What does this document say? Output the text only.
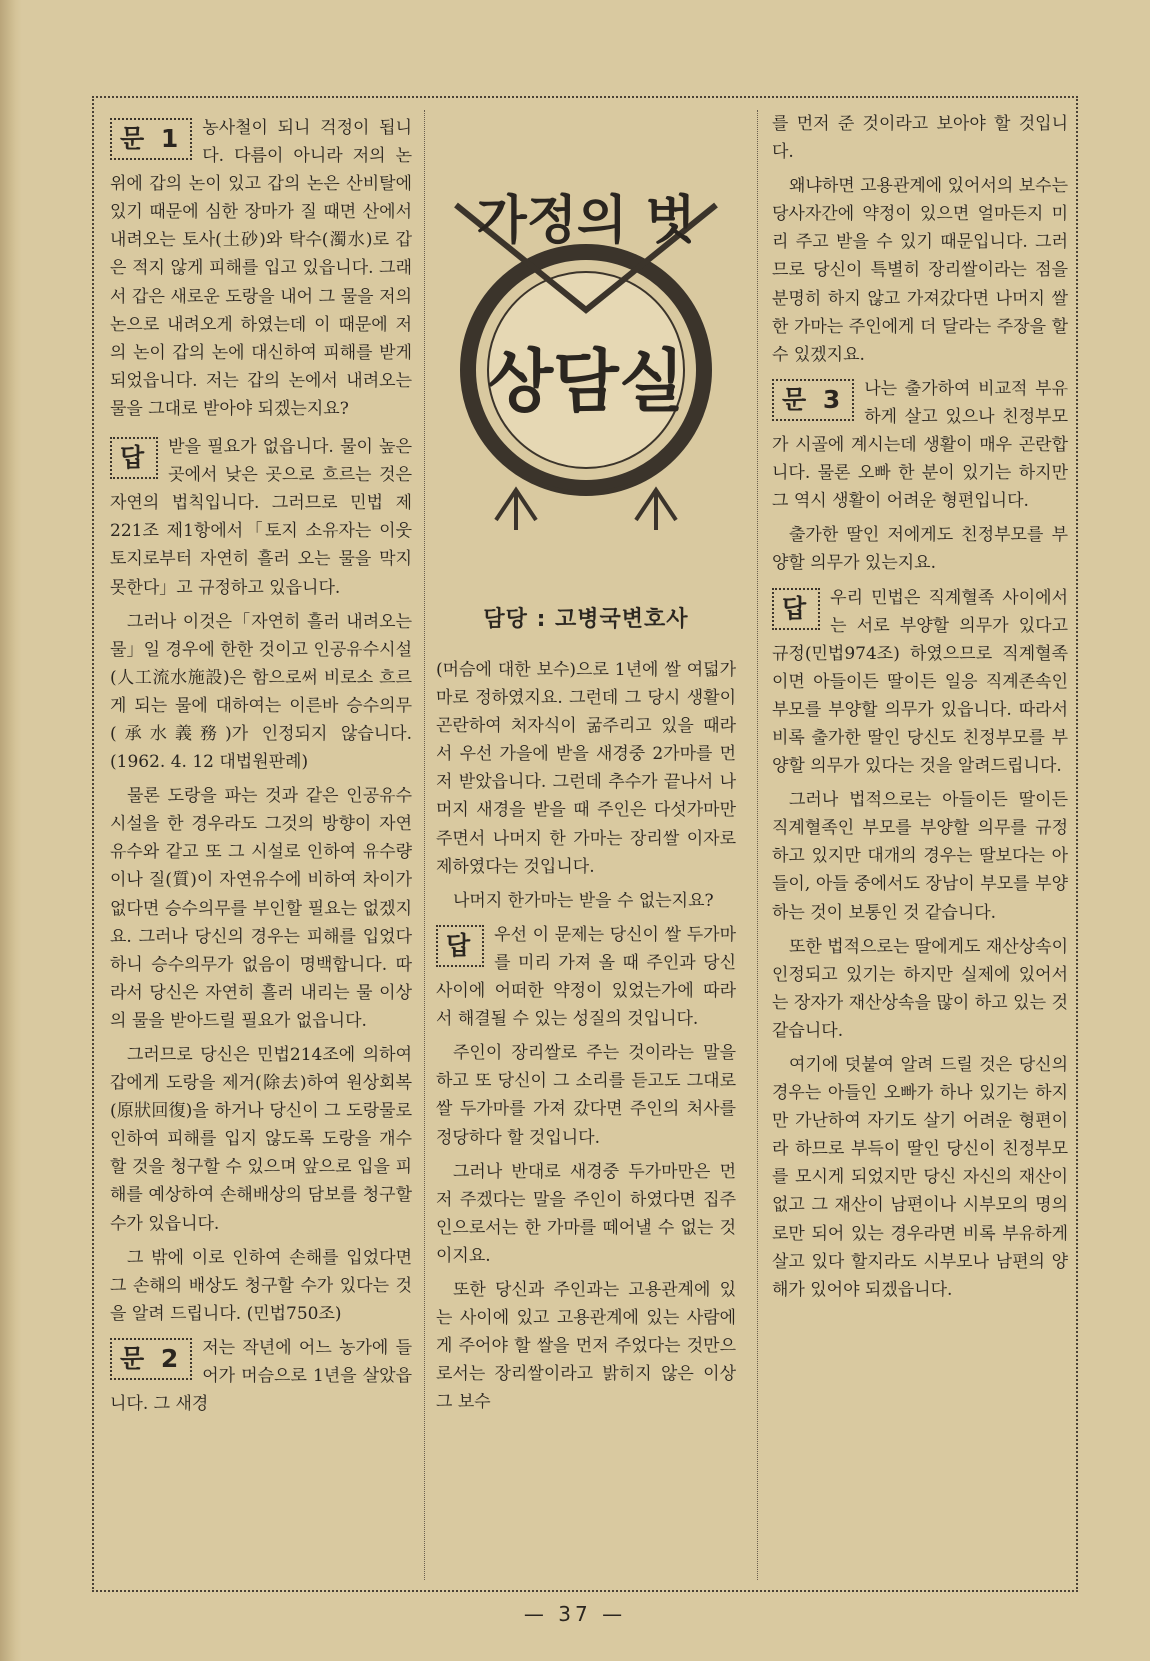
문 1	농사철이 되니 걱정이 됩니다. 다름이 아니라 저의 논 위에 갑의 논이 있고 갑의 논은 산비탈에 있기 때문에 심한 장마가 질 때면 산에서 내려오는 토사(土砂)와 탁수(濁水)로 갑은 적지 않게 피해를 입고 있읍니다. 그래서 갑은 새로운 도랑을 내어 그 물을 저의 논으로 내려오게 하였는데 이 때문에 저의 논이 갑의 논에 대신하여 피해를 받게 되었읍니다. 저는 갑의 논에서 내려오는 물을 그대로 받아야 되겠는지요?

답	받을 필요가 없읍니다. 물이 높은 곳에서 낮은 곳으로 흐르는 것은 자연의 법칙입니다. 그러므로 민법 제221조 제1항에서「토지 소유자는 이웃 토지로부터 자연히 흘러 오는 물을 막지 못한다」고 규정하고 있읍니다.

그러나 이것은「자연히 흘러 내려오는 물」일 경우에 한한 것이고 인공유수시설(人工流水施設)은 함으로써 비로소 흐르게 되는 물에 대하여는 이른바 승수의무(承水義務)가 인정되지 않습니다. (1962. 4. 12 대법원판례)

물론 도랑을 파는 것과 같은 인공유수시설을 한 경우라도 그것의 방향이 자연유수와 같고 또 그 시설로 인하여 유수량이나 질(質)이 자연유수에 비하여 차이가 없다면 승수의무를 부인할 필요는 없겠지요. 그러나 당신의 경우는 피해를 입었다 하니 승수의무가 없음이 명백합니다. 따라서 당신은 자연히 흘러 내리는 물 이상의 물을 받아드릴 필요가 없읍니다.

그러므로 당신은 민법214조에 의하여 갑에게 도랑을 제거(除去)하여 원상회복(原狀回復)을 하거나 당신이 그 도랑물로 인하여 피해를 입지 않도록 도랑을 개수할 것을 청구할 수 있으며 앞으로 입을 피해를 예상하여 손해배상의 담보를 청구할 수가 있읍니다.

그 밖에 이로 인하여 손해를 입었다면 그 손해의 배상도 청구할 수가 있다는 것을 알려 드립니다. (민법750조)

문 2	저는 작년에 어느 농가에 들어가 머슴으로 1년을 살았읍니다. 그 새경

가정의 벗
상담실
담당 : 고병국변호사

(머슴에 대한 보수)으로 1년에 쌀 여덟가마로 정하였지요. 그런데 그 당시 생활이 곤란하여 처자식이 굶주리고 있을 때라서 우선 가을에 받을 새경중 2가마를 먼저 받았읍니다. 그런데 추수가 끝나서 나머지 새경을 받을 때 주인은 다섯가마만 주면서 나머지 한 가마는 장리쌀 이자로 제하였다는 것입니다.

나머지 한가마는 받을 수 없는지요?

답	우선 이 문제는 당신이 쌀 두가마를 미리 가져 올 때 주인과 당신 사이에 어떠한 약정이 있었는가에 따라서 해결될 수 있는 성질의 것입니다.

주인이 장리쌀로 주는 것이라는 말을 하고 또 당신이 그 소리를 듣고도 그대로 쌀 두가마를 가져 갔다면 주인의 처사를 정당하다 할 것입니다.

그러나 반대로 새경중 두가마만은 먼저 주겠다는 말을 주인이 하였다면 집주인으로서는 한 가마를 떼어낼 수 없는 것이지요.

또한 당신과 주인과는 고용관계에 있는 사이에 있고 고용관계에 있는 사람에게 주어야 할 쌀을 먼저 주었다는 것만으로서는 장리쌀이라고 밝히지 않은 이상 그 보수

를 먼저 준 것이라고 보아야 할 것입니다.

왜냐하면 고용관계에 있어서의 보수는 당사자간에 약정이 있으면 얼마든지 미리 주고 받을 수 있기 때문입니다. 그러므로 당신이 특별히 장리쌀이라는 점을 분명히 하지 않고 가져갔다면 나머지 쌀 한 가마는 주인에게 더 달라는 주장을 할 수 있겠지요.

문 3	나는 출가하여 비교적 부유하게 살고 있으나 친정부모가 시골에 계시는데 생활이 매우 곤란합니다. 물론 오빠 한 분이 있기는 하지만 그 역시 생활이 어려운 형편입니다.

출가한 딸인 저에게도 친정부모를 부양할 의무가 있는지요.

답	우리 민법은 직계혈족 사이에서는 서로 부양할 의무가 있다고 규정(민법974조) 하였으므로 직계혈족이면 아들이든 딸이든 일응 직계존속인 부모를 부양할 의무가 있읍니다. 따라서 비록 출가한 딸인 당신도 친정부모를 부양할 의무가 있다는 것을 알려드립니다.

그러나 법적으로는 아들이든 딸이든 직계혈족인 부모를 부양할 의무를 규정하고 있지만 대개의 경우는 딸보다는 아들이, 아들 중에서도 장남이 부모를 부양하는 것이 보통인 것 같습니다.

또한 법적으로는 딸에게도 재산상속이 인정되고 있기는 하지만 실제에 있어서는 장자가 재산상속을 많이 하고 있는 것 같습니다.

여기에 덧붙여 알려 드릴 것은 당신의 경우는 아들인 오빠가 하나 있기는 하지만 가난하여 자기도 살기 어려운 형편이라 하므로 부득이 딸인 당신이 친정부모를 모시게 되었지만 당신 자신의 재산이 없고 그 재산이 남편이나 시부모의 명의로만 되어 있는 경우라면 비록 부유하게 살고 있다 할지라도 시부모나 남편의 양해가 있어야 되겠읍니다.

— 37 —
